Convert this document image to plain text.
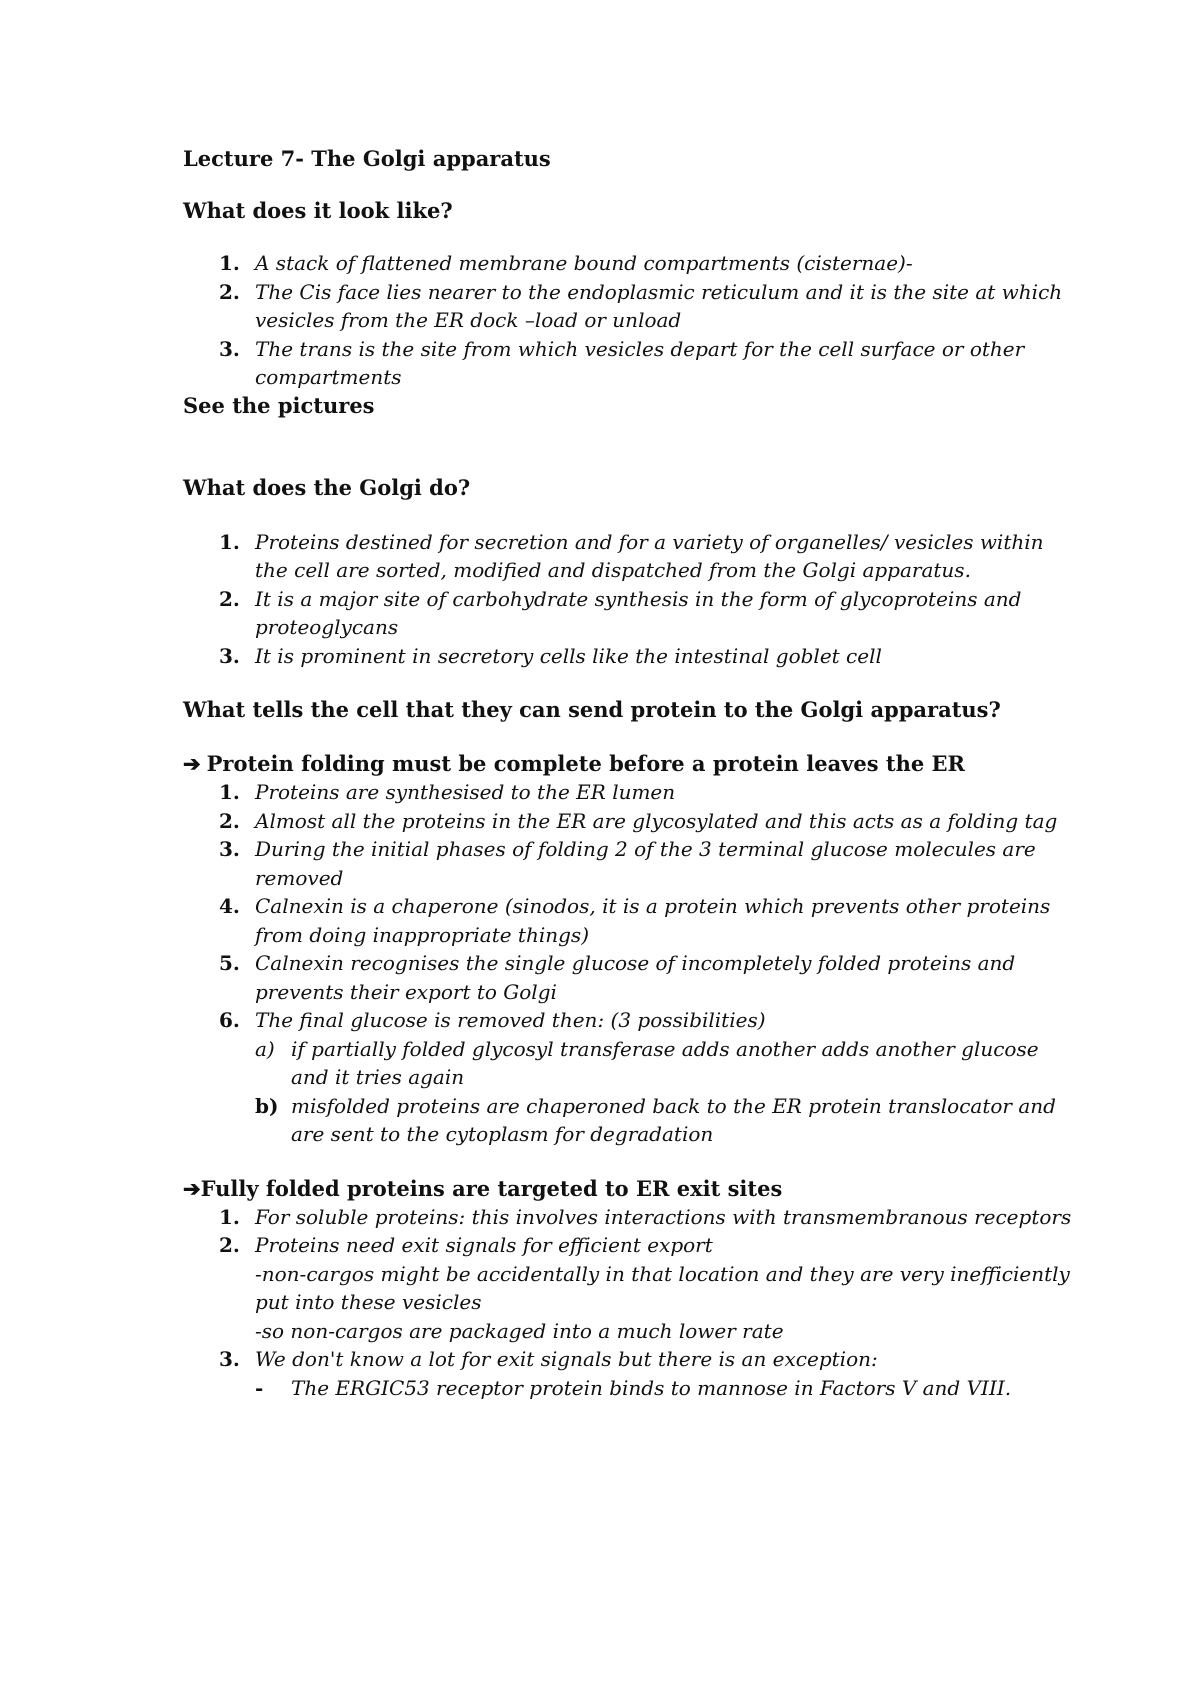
Lecture 7- The Golgi apparatus

What does it look like?

1. A stack of flattened membrane bound compartments (cisternae)-
2. The Cis face lies nearer to the endoplasmic reticulum and it is the site at which vesicles from the ER dock –load or unload
3. The trans is the site from which vesicles depart for the cell surface or other compartments

See the pictures

What does the Golgi do?

1. Proteins destined for secretion and for a variety of organelles/ vesicles within the cell are sorted, modified and dispatched from the Golgi apparatus.
2. It is a major site of carbohydrate synthesis in the form of glycoproteins and proteoglycans
3. It is prominent in secretory cells like the intestinal goblet cell

What tells the cell that they can send protein to the Golgi apparatus?

➔ Protein folding must be complete before a protein leaves the ER

1. Proteins are synthesised to the ER lumen
2. Almost all the proteins in the ER are glycosylated and this acts as a folding tag
3. During the initial phases of folding 2 of the 3 terminal glucose molecules are removed
4. Calnexin is a chaperone (sinodos, it is a protein which prevents other proteins from doing inappropriate things)
5. Calnexin recognises the single glucose of incompletely folded proteins and prevents their export to Golgi
6. The final glucose is removed then: (3 possibilities)
a) if partially folded glycosyl transferase adds another adds another glucose and it tries again
b) misfolded proteins are chaperoned back to the ER protein translocator and are sent to the cytoplasm for degradation

➔Fully folded proteins are targeted to ER exit sites

1. For soluble proteins: this involves interactions with transmembranous receptors
2. Proteins need exit signals for efficient export
-non-cargos might be accidentally in that location and they are very inefficiently put into these vesicles
-so non-cargos are packaged into a much lower rate
3. We don't know a lot for exit signals but there is an exception:
- The ERGIC53 receptor protein binds to mannose in Factors V and VIII.
